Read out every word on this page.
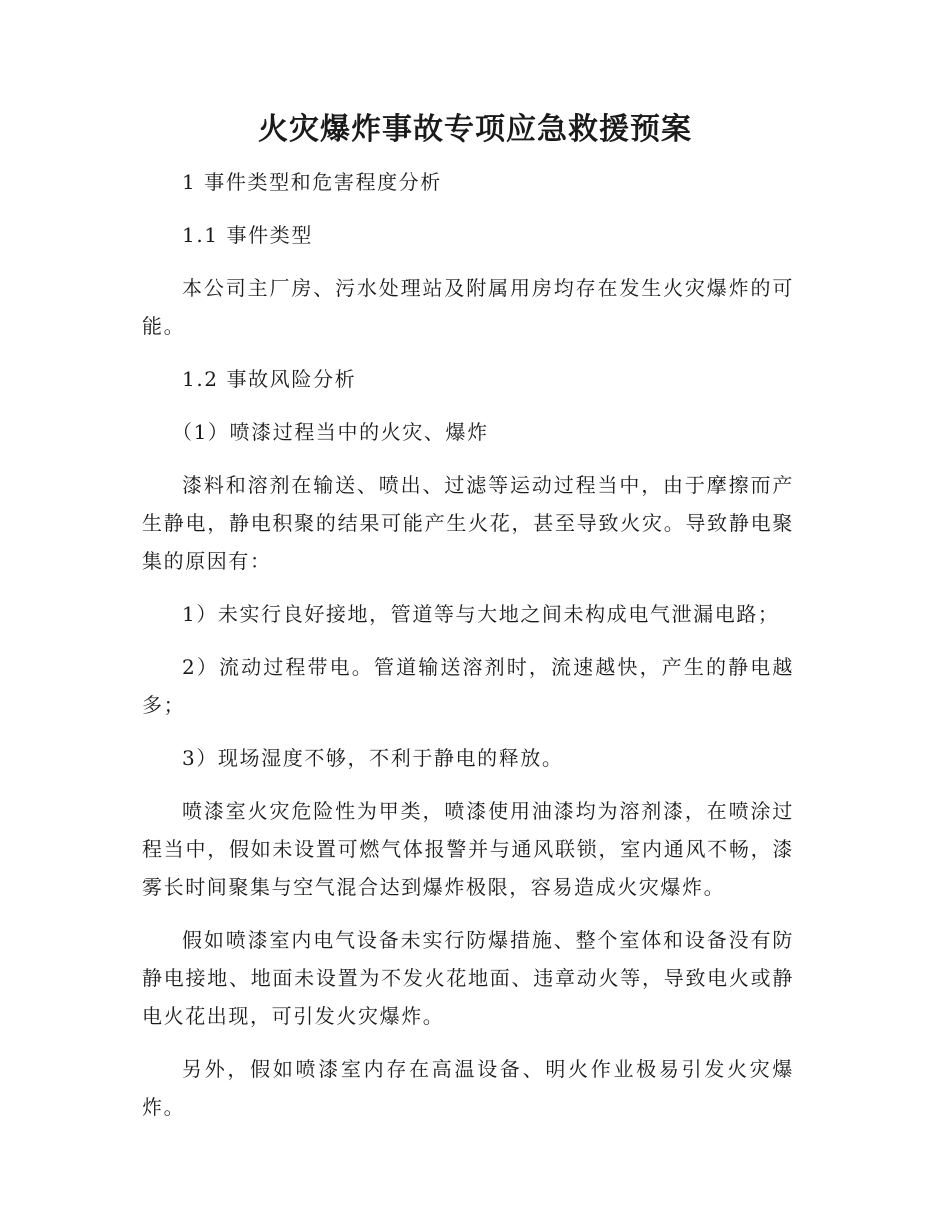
火灾爆炸事故专项应急救援预案

1 事件类型和危害程度分析

1.1 事件类型

本公司主厂房、污水处理站及附属用房均存在发生火灾爆炸的可能。

1.2 事故风险分析

（1）喷漆过程当中的火灾、爆炸

漆料和溶剂在输送、喷出、过滤等运动过程当中，由于摩擦而产生静电，静电积聚的结果可能产生火花，甚至导致火灾。导致静电聚集的原因有：

1）未实行良好接地，管道等与大地之间未构成电气泄漏电路；

2）流动过程带电。管道输送溶剂时，流速越快，产生的静电越多；

3）现场湿度不够，不利于静电的释放。

喷漆室火灾危险性为甲类，喷漆使用油漆均为溶剂漆，在喷涂过程当中，假如未设置可燃气体报警并与通风联锁，室内通风不畅，漆雾长时间聚集与空气混合达到爆炸极限，容易造成火灾爆炸。

假如喷漆室内电气设备未实行防爆措施、整个室体和设备没有防静电接地、地面未设置为不发火花地面、违章动火等，导致电火或静电火花出现，可引发火灾爆炸。

另外，假如喷漆室内存在高温设备、明火作业极易引发火灾爆炸。
